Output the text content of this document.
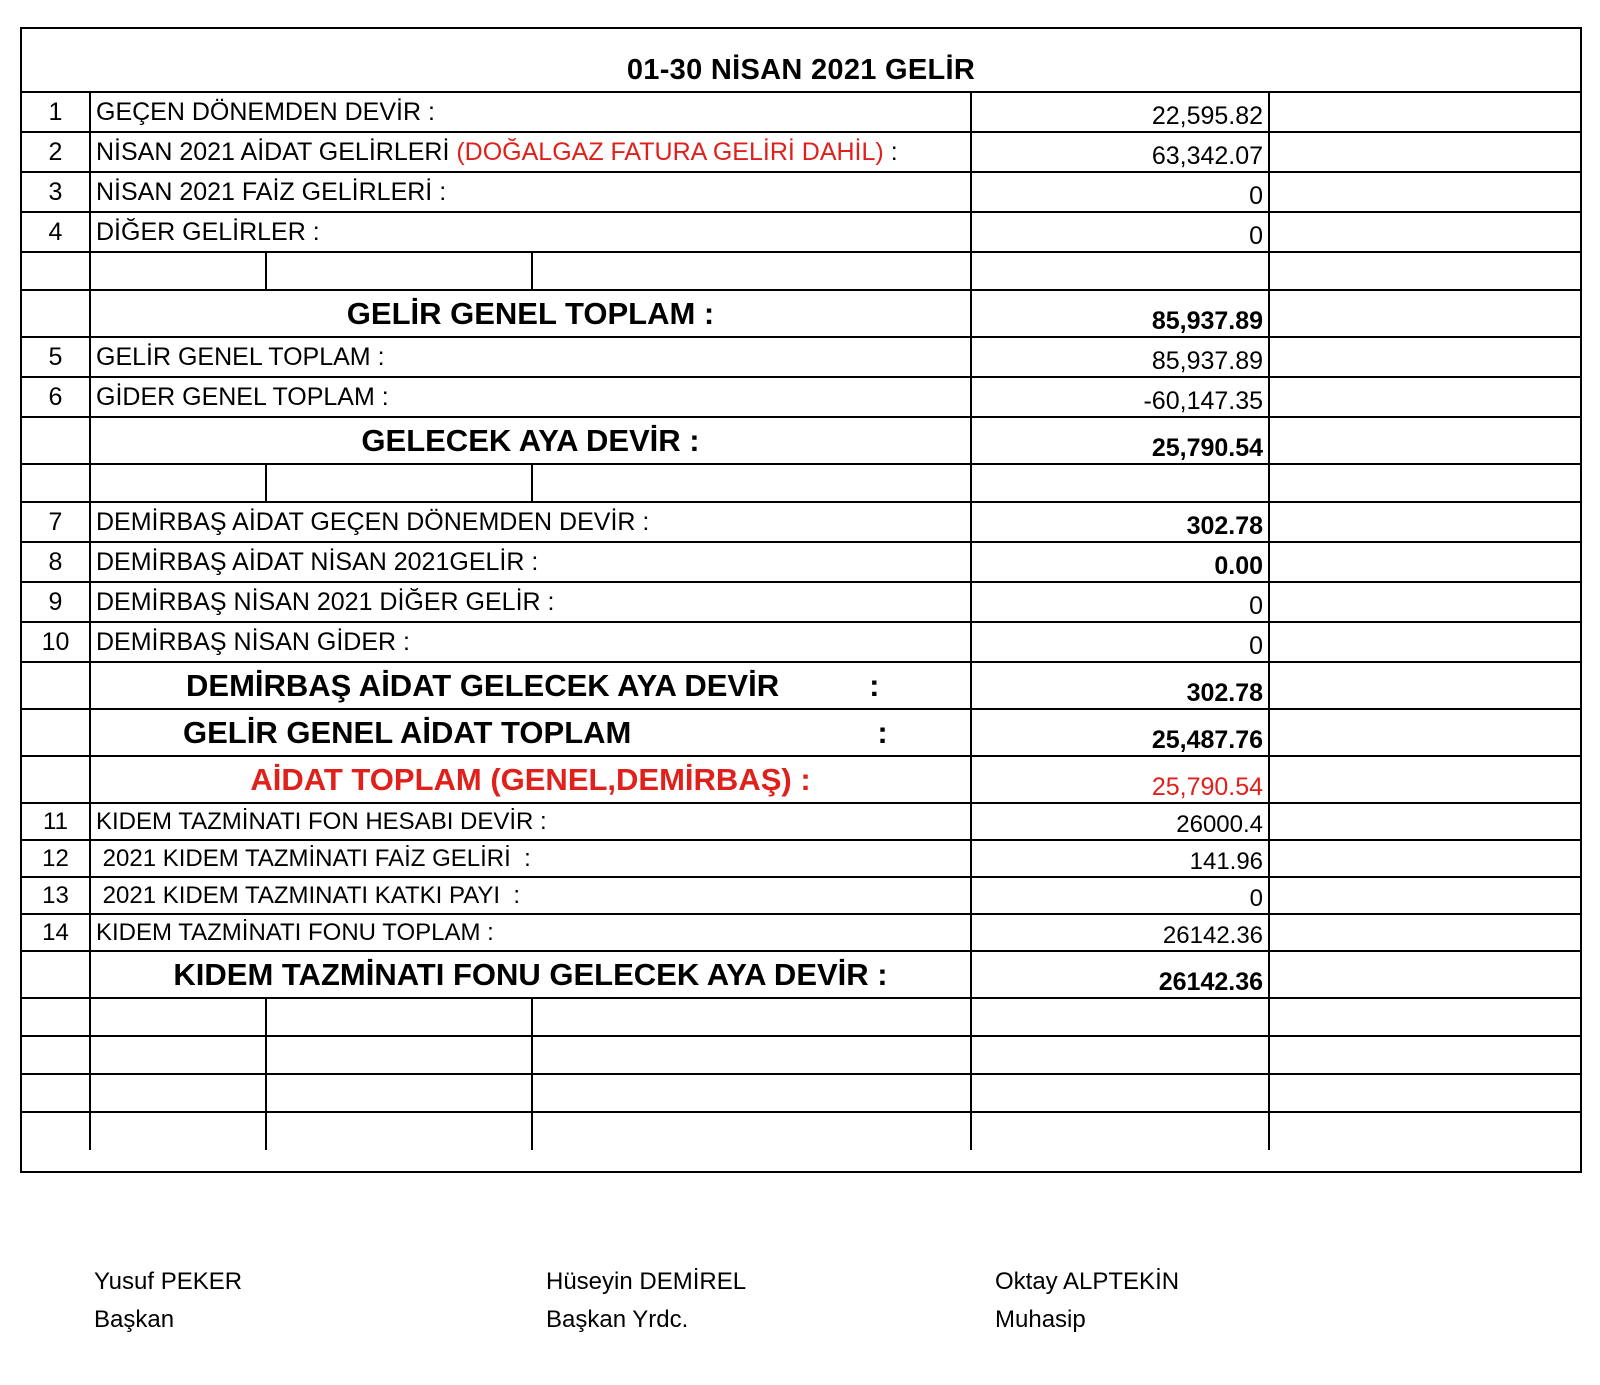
01-30 NİSAN 2021 GELİR
1	GEÇEN DÖNEMDEN DEVİR :			22,595.82	
2	NİSAN 2021 AİDAT GELİRLERİ (DOĞALGAZ FATURA GELİRİ DAHİL) :			63,342.07	
3	NİSAN 2021 FAİZ GELİRLERİ :			0	
4	DİĞER GELİRLER :			0	

	GELİR GENEL TOPLAM :			85,937.89	
5	GELİR GENEL TOPLAM :			85,937.89	
6	GİDER GENEL TOPLAM :			-60,147.35	
	GELECEK AYA DEVİR :			25,790.54	

7	DEMİRBAŞ AİDAT GEÇEN DÖNEMDEN DEVİR :			302.78	
8	DEMİRBAŞ AİDAT NİSAN 2021GELİR :			0.00	
9	DEMİRBAŞ NİSAN 2021 DİĞER GELİR :			0	
10	DEMİRBAŞ NİSAN GİDER :			0	
	DEMİRBAŞ AİDAT GELECEK AYA DEVİR :			302.78	
	GELİR GENEL AİDAT TOPLAM :			25,487.76	
	AİDAT TOPLAM (GENEL,DEMİRBAŞ) :			25,790.54	
11	KIDEM TAZMİNATI FON HESABI DEVİR :			26000.4	
12	2021 KIDEM TAZMİNATI FAİZ GELİRİ  :			141.96	
13	2021 KIDEM TAZMINATI KATKI PAYI  :			0	
14	KIDEM TAZMİNATI FONU TOPLAM :			26142.36	
	KIDEM TAZMİNATI FONU GELECEK AYA DEVİR :			26142.36	

Yusuf PEKER
Başkan
Hüseyin DEMİREL
Başkan Yrdc.
Oktay ALPTEKİN
Muhasip
